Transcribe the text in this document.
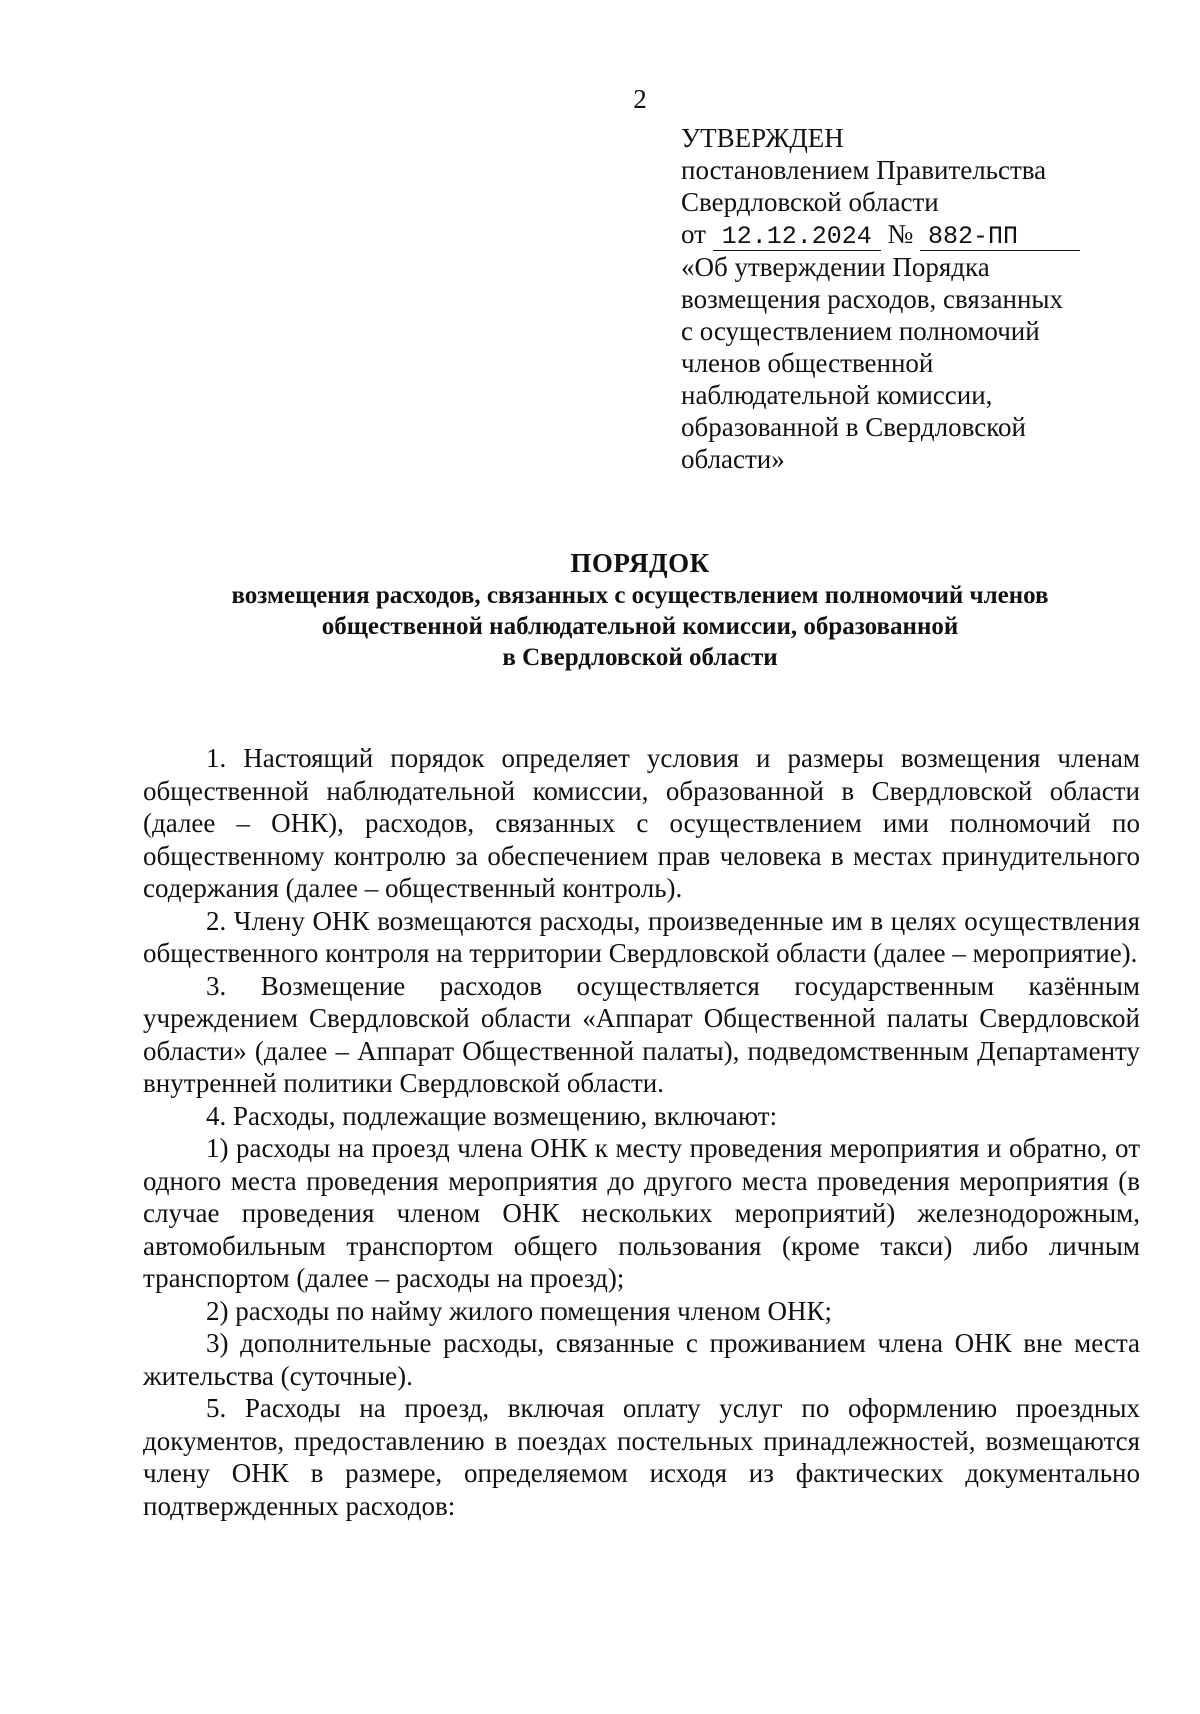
2
УТВЕРЖДЕН
постановлением Правительства
Свердловской области
от 12.12.2024 № 882-ПП
«Об утверждении Порядка
возмещения расходов, связанных
с осуществлением полномочий
членов общественной
наблюдательной комиссии,
образованной в Свердловской
области»
ПОРЯДОК
возмещения расходов, связанных с осуществлением полномочий членов
общественной наблюдательной комиссии, образованной
в Свердловской области

1. Настоящий порядок определяет условия и размеры возмещения членам общественной наблюдательной комиссии, образованной в Свердловской области (далее – ОНК), расходов, связанных с осуществлением ими полномочий по общественному контролю за обеспечением прав человека в местах принудительного содержания (далее – общественный контроль).

2. Члену ОНК возмещаются расходы, произведенные им в целях осуществления общественного контроля на территории Свердловской области (далее – мероприятие).

3. Возмещение расходов осуществляется государственным казённым учреждением Свердловской области «Аппарат Общественной палаты Свердловской области» (далее – Аппарат Общественной палаты), подведомственным Департаменту внутренней политики Свердловской области.

4. Расходы, подлежащие возмещению, включают:

1) расходы на проезд члена ОНК к месту проведения мероприятия и обратно, от одного места проведения мероприятия до другого места проведения мероприятия (в случае проведения членом ОНК нескольких мероприятий) железнодорожным, автомобильным транспортом общего пользования (кроме такси) либо личным транспортом (далее – расходы на проезд);

2) расходы по найму жилого помещения членом ОНК;

3) дополнительные расходы, связанные с проживанием члена ОНК вне места жительства (суточные).

5. Расходы на проезд, включая оплату услуг по оформлению проездных документов, предоставлению в поездах постельных принадлежностей, возмещаются члену ОНК в размере, определяемом исходя из фактических документально подтвержденных расходов:
